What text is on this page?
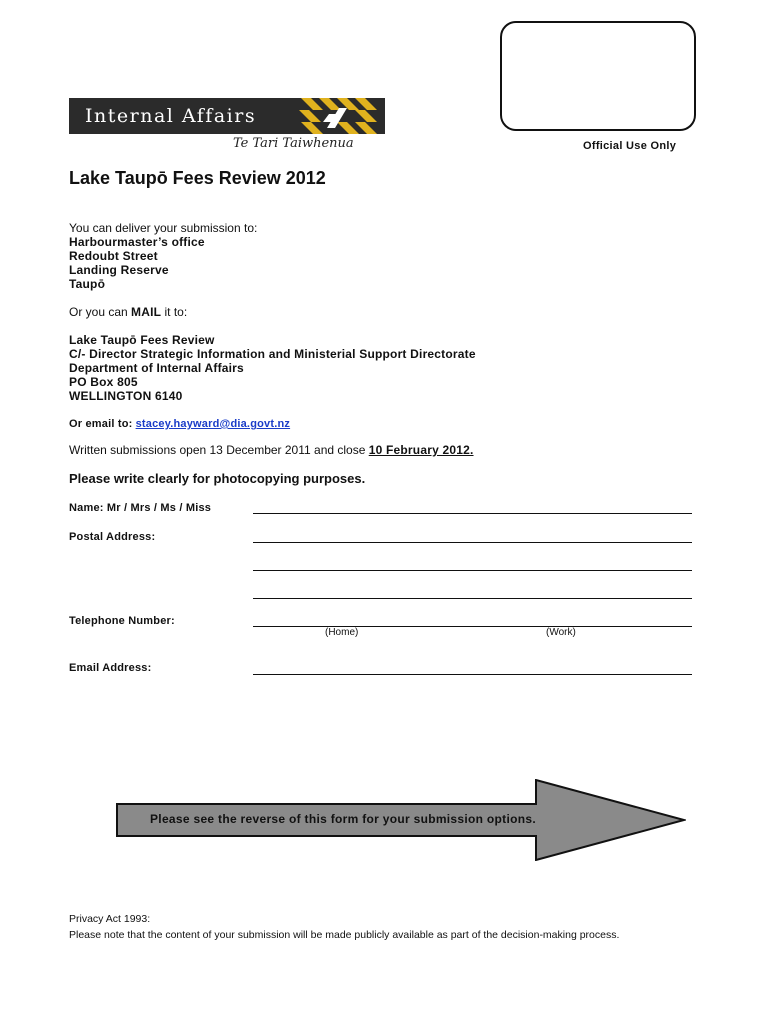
Official Use Only
Internal Affairs
Te Tari Taiwhenua
Lake Taupō Fees Review 2012
You can deliver your submission to:
Harbourmaster’s office
Redoubt Street
Landing Reserve
Taupō
Or you can MAIL it to:
Lake Taupō Fees Review
C/- Director Strategic Information and Ministerial Support Directorate
Department of Internal Affairs
PO Box 805
WELLINGTON 6140
Or email to: stacey.hayward@dia.govt.nz
Written submissions open 13 December 2011 and close 10 February 2012.
Please write clearly for photocopying purposes.
Name: Mr / Mrs / Ms / Miss
Postal Address:
Telephone Number:
(Home)	(Work)
Email Address:
Please see the reverse of this form for your submission options.
Privacy Act 1993:
Please note that the content of your submission will be made publicly available as part of the decision-making process.
